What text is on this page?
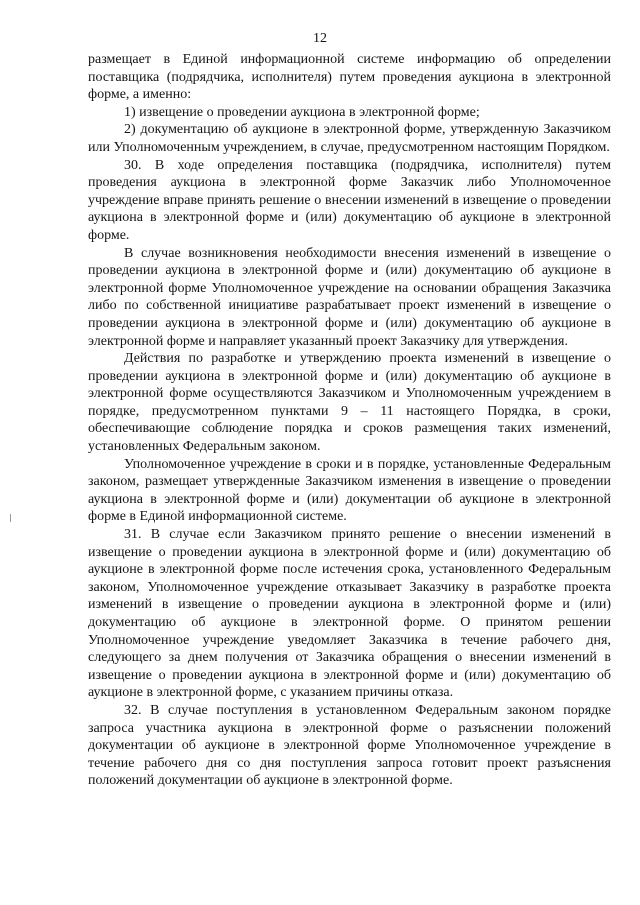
12

размещает в Единой информационной системе информацию об определении поставщика (подрядчика, исполнителя) путем проведения аукциона в электронной форме, а именно:

1) извещение о проведении аукциона в электронной форме;

2) документацию об аукционе в электронной форме, утвержденную Заказчиком или Уполномоченным учреждением, в случае, предусмотренном настоящим Порядком.

30. В ходе определения поставщика (подрядчика, исполнителя) путем проведения аукциона в электронной форме Заказчик либо Уполномоченное учреждение вправе принять решение о внесении изменений в извещение о проведении аукциона в электронной форме и (или) документацию об аукционе в электронной форме.

В случае возникновения необходимости внесения изменений в извещение о проведении аукциона в электронной форме и (или) документацию об аукционе в электронной форме Уполномоченное учреждение на основании обращения Заказчика либо по собственной инициативе разрабатывает проект изменений в извещение о проведении аукциона в электронной форме и (или) документацию об аукционе в электронной форме и направляет указанный проект Заказчику для утверждения.

Действия по разработке и утверждению проекта изменений в извещение о проведении аукциона в электронной форме и (или) документацию об аукционе в электронной форме осуществляются Заказчиком и Уполномоченным учреждением в порядке, предусмотренном пунктами 9 – 11 настоящего Порядка, в сроки, обеспечивающие соблюдение порядка и сроков размещения таких изменений, установленных Федеральным законом.

Уполномоченное учреждение в сроки и в порядке, установленные Федеральным законом, размещает утвержденные Заказчиком изменения в извещение о проведении аукциона в электронной форме и (или) документации об аукционе в электронной форме в Единой информационной системе.

31. В случае если Заказчиком принято решение о внесении изменений в извещение о проведении аукциона в электронной форме и (или) документацию об аукционе в электронной форме после истечения срока, установленного Федеральным законом, Уполномоченное учреждение отказывает Заказчику в разработке проекта изменений в извещение о проведении аукциона в электронной форме и (или) документацию об аукционе в электронной форме. О принятом решении Уполномоченное учреждение уведомляет Заказчика в течение рабочего дня, следующего за днем получения от Заказчика обращения о внесении изменений в извещение о проведении аукциона в электронной форме и (или) документацию об аукционе в электронной форме, с указанием причины отказа.

32. В случае поступления в установленном Федеральным законом порядке запроса участника аукциона в электронной форме о разъяснении положений документации об аукционе в электронной форме Уполномоченное учреждение в течение рабочего дня со дня поступления запроса готовит проект разъяснения положений документации об аукционе в электронной форме.
